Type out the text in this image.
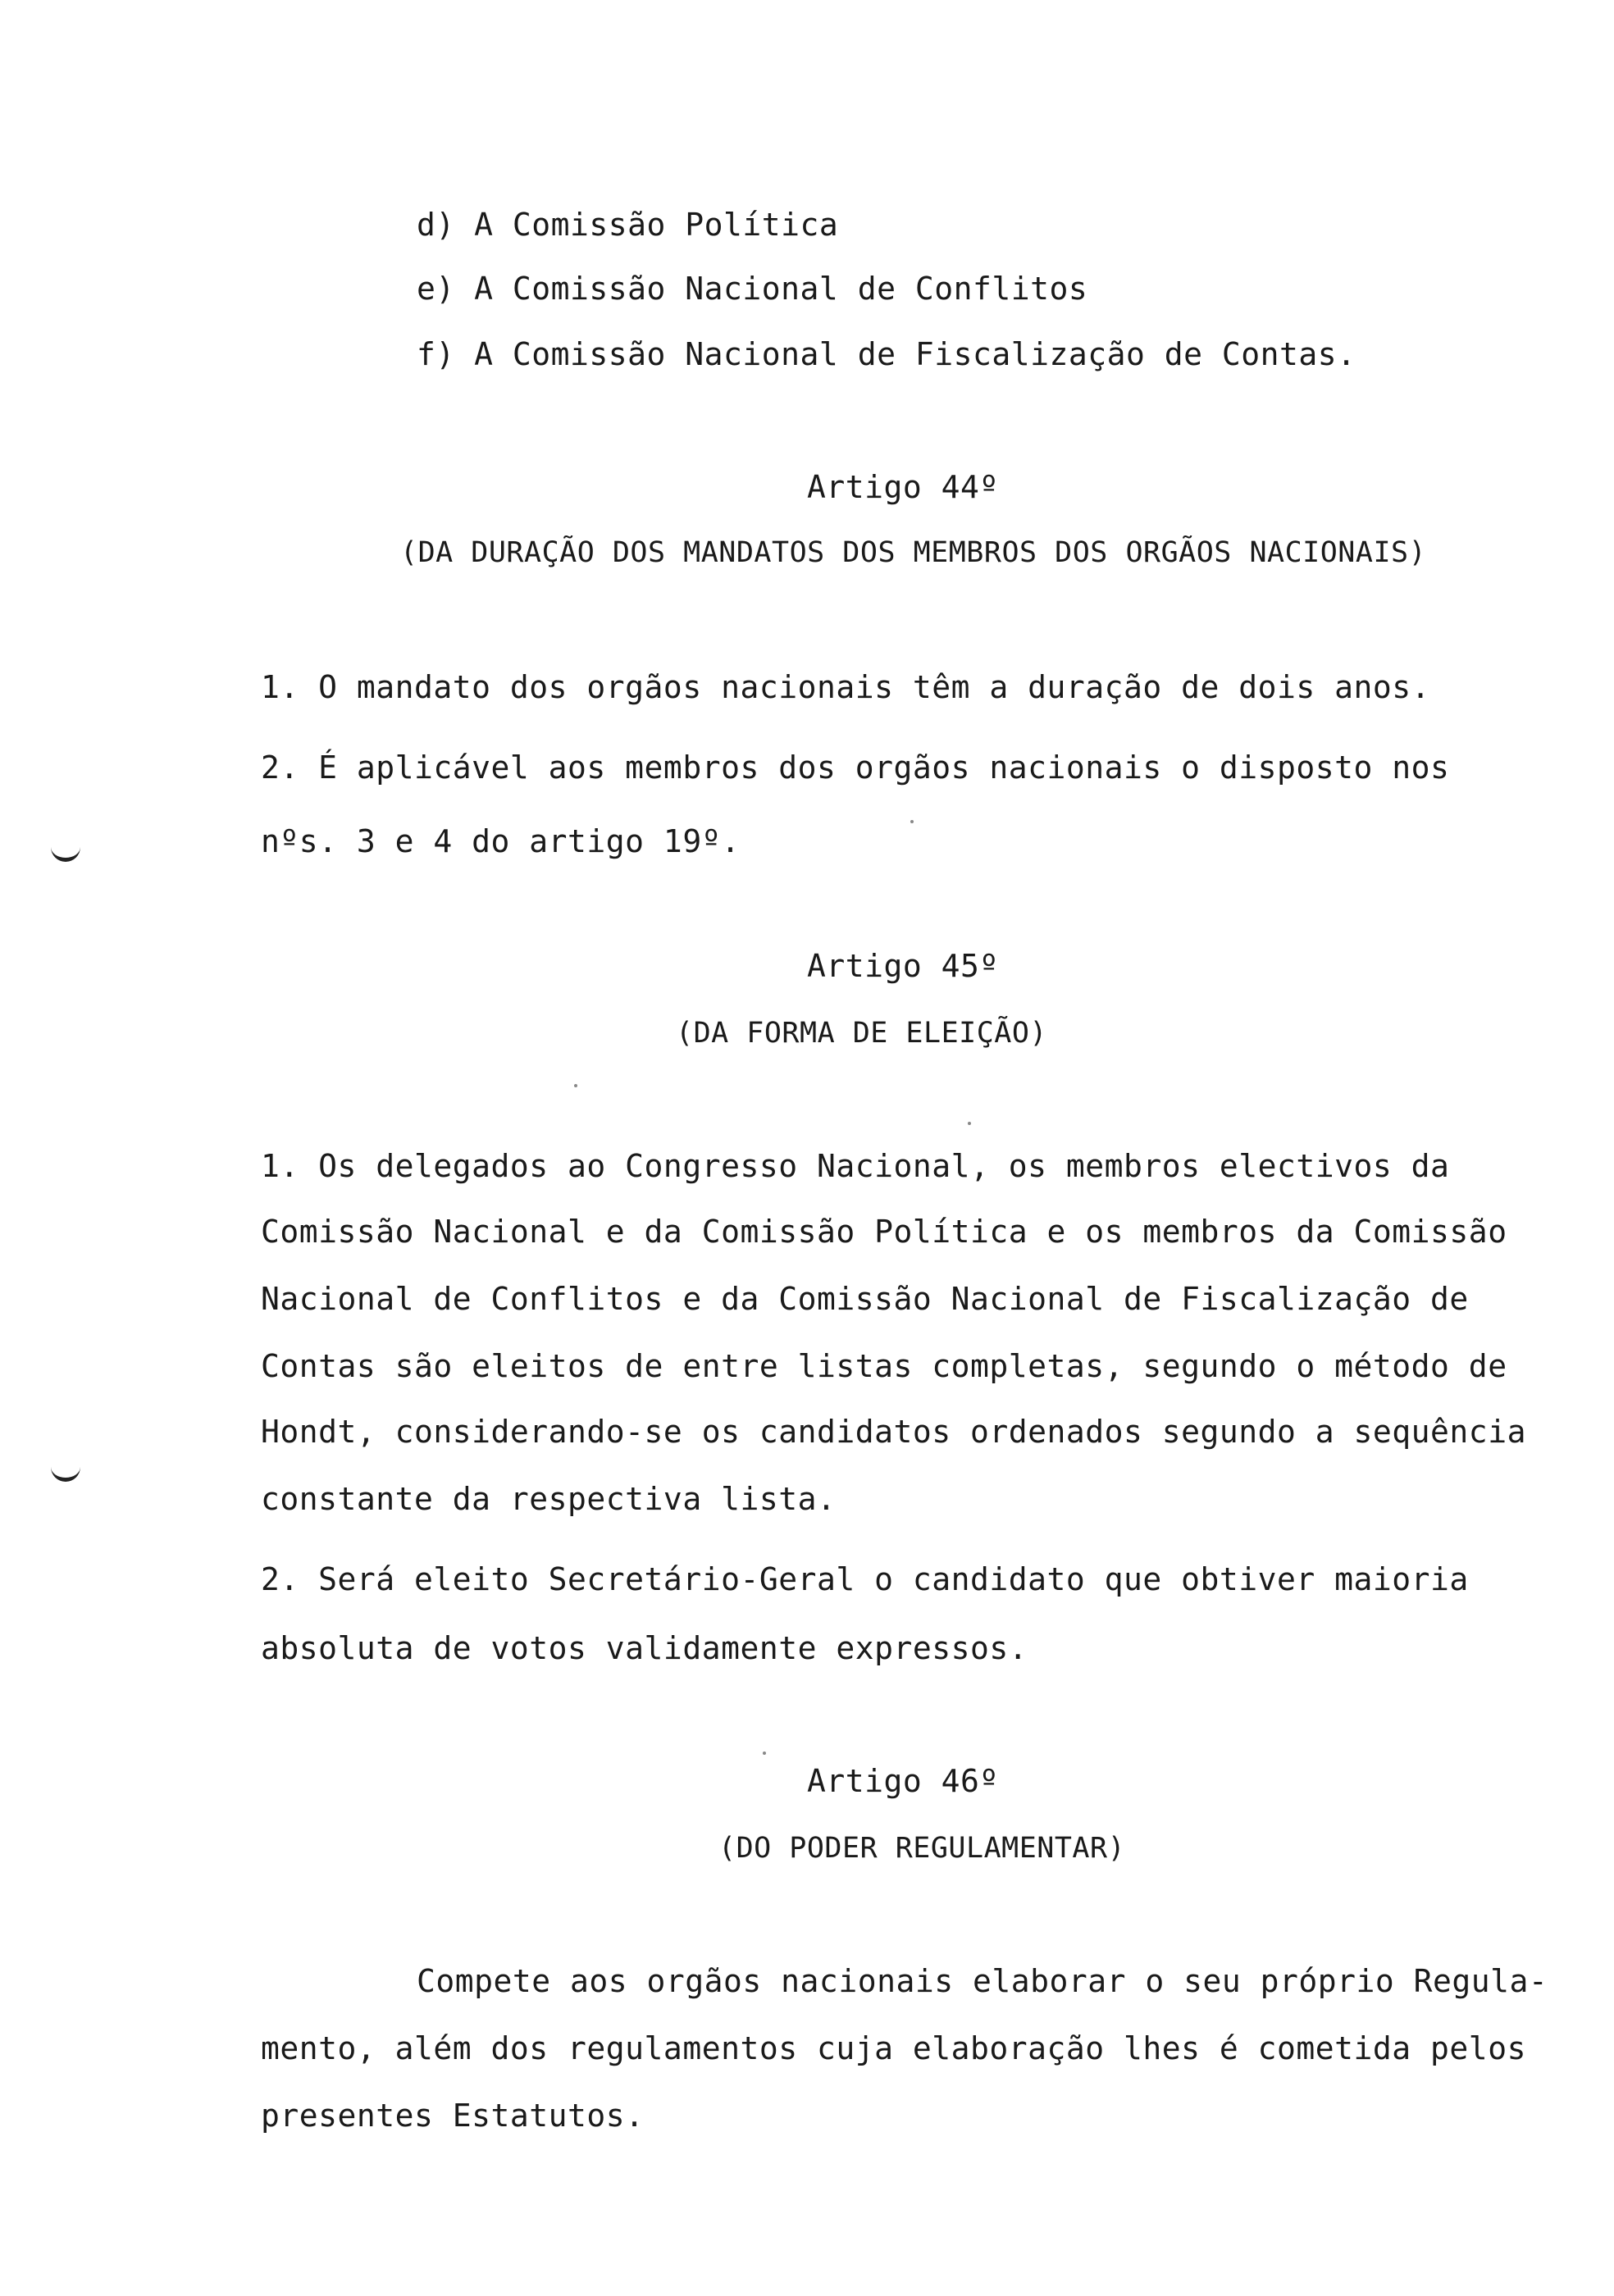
d) A Comissão Política
e) A Comissão Nacional de Conflitos
f) A Comissão Nacional de Fiscalização de Contas.
Artigo 44º
(DA DURAÇÃO DOS MANDATOS DOS MEMBROS DOS ORGÃOS NACIONAIS)
1. O mandato dos orgãos nacionais têm a duração de dois anos.
2. É aplicável aos membros dos orgãos nacionais o disposto nos
nºs. 3 e 4 do artigo 19º.
Artigo 45º
(DA FORMA DE ELEIÇÃO)
1. Os delegados ao Congresso Nacional, os membros electivos da
Comissão Nacional e da Comissão Política e os membros da Comissão
Nacional de Conflitos e da Comissão Nacional de Fiscalização de
Contas são eleitos de entre listas completas, segundo o método de
Hondt, considerando-se os candidatos ordenados segundo a sequência
constante da respectiva lista.
2. Será eleito Secretário-Geral o candidato que obtiver maioria
absoluta de votos validamente expressos.
Artigo 46º
(DO PODER REGULAMENTAR)
Compete aos orgãos nacionais elaborar o seu próprio Regula-
mento, além dos regulamentos cuja elaboração lhes é cometida pelos
presentes Estatutos.
